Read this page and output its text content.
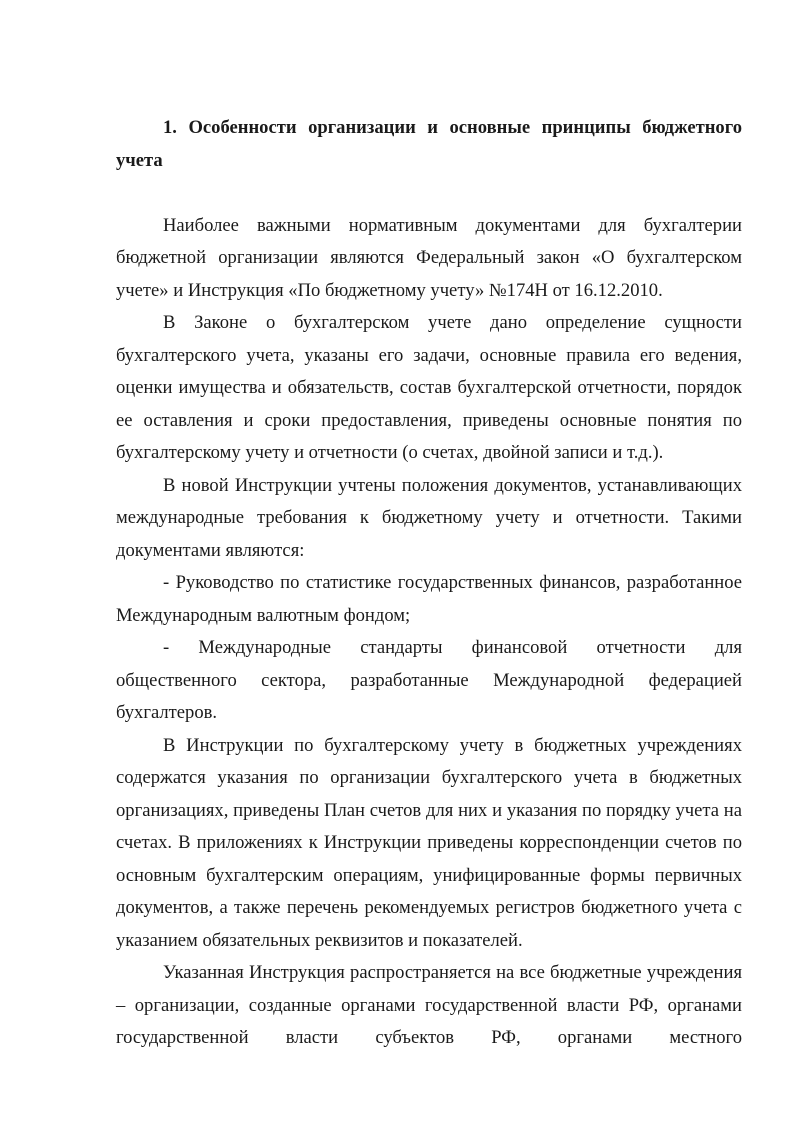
1. Особенности организации и основные принципы бюджетного учета

Наиболее важными нормативным документами для бухгалтерии бюджетной организации являются Федеральный закон «О бухгалтерском учете» и Инструкция «По бюджетному учету» №174Н от 16.12.2010.

В Законе о бухгалтерском учете дано определение сущности бухгалтерского учета, указаны его задачи, основные правила его ведения, оценки имущества и обязательств, состав бухгалтерской отчетности, порядок ее оставления и сроки предоставления, приведены основные понятия по бухгалтерскому учету и отчетности (о счетах, двойной записи и т.д.).

В новой Инструкции учтены положения документов, устанавливающих международные требования к бюджетному учету и отчетности. Такими документами являются:

- Руководство по статистике государственных финансов, разработанное Международным валютным фондом;

- Международные стандарты финансовой отчетности для общественного сектора, разработанные Международной федерацией бухгалтеров.

В Инструкции по бухгалтерскому учету в бюджетных учреждениях содержатся указания по организации бухгалтерского учета в бюджетных организациях, приведены План счетов для них и указания по порядку учета на счетах. В приложениях к Инструкции приведены корреспонденции счетов по основным бухгалтерским операциям, унифицированные формы первичных документов, а также перечень рекомендуемых регистров бюджетного учета с указанием обязательных реквизитов и показателей.

Указанная Инструкция распространяется на все бюджетные учреждения – организации, созданные органами государственной власти РФ, органами государственной власти субъектов РФ, органами местного
